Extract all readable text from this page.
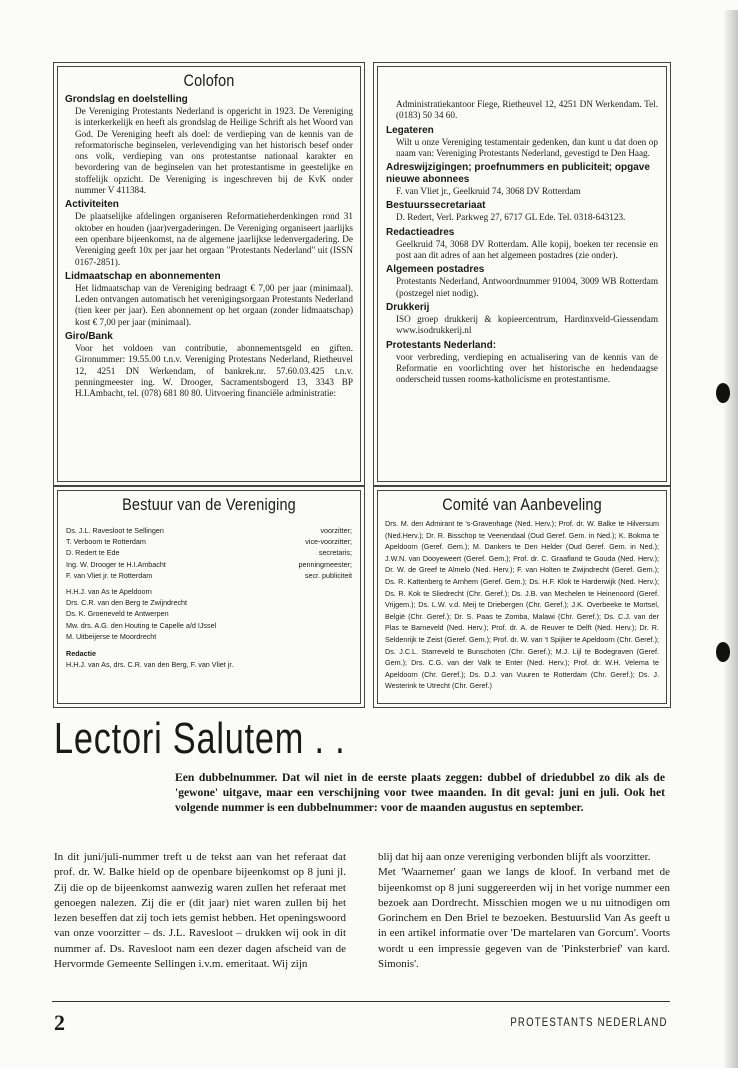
Colofon
Grondslag en doelstelling

De Vereniging Protestants Nederland is opgericht in 1923. De Vereniging is interkerkelijk en heeft als grondslag de Heilige Schrift als het Woord van God. De Vereniging heeft als doel: de verdieping van de kennis van de reformatorische beginselen, verlevendiging van het historisch besef onder ons volk, verdieping van ons protestantse nationaal karakter en bevordering van de beginselen van het protestantisme in geestelijke en stoffelijk opzicht. De Vereniging is ingeschreven bij de KvK onder nummer V 411384.

Activiteiten

De plaatselijke afdelingen organiseren Reformatieherdenkingen rond 31 oktober en houden (jaar)vergaderingen. De Vereniging organiseert jaarlijks een openbare bijeenkomst, na de algemene jaarlijkse ledenvergadering. De Vereniging geeft 10x per jaar het orgaan "Protestants Nederland" uit (ISSN 0167-2851).

Lidmaatschap en abonnementen

Het lidmaatschap van de Vereniging bedraagt € 7,00 per jaar (minimaal). Leden ontvangen automatisch het verenigingsorgaan Protestants Nederland (tien keer per jaar). Een abonnement op het orgaan (zonder lidmaatschap) kost € 7,00 per jaar (minimaal).

Giro/Bank

Voor het voldoen van contributie, abonnementsgeld en giften. Gironummer: 19.55.00 t.n.v. Vereniging Protestans Nederland, Rietheuvel 12, 4251 DN Werkendam, of bankrek.nr. 57.60.03.425 t.n.v. penningmeester ing. W. Drooger, Sacramentsbogerd 13, 3343 BP H.I.Ambacht, tel. (078) 681 80 80. Uitvoering financiële administratie:

Administratiekantoor Fiege, Rietheuvel 12, 4251 DN Werkendam. Tel. (0183) 50 34 60.

Legateren

Wilt u onze Vereniging testamentair gedenken, dan kunt u dat doen op naam van: Vereniging Protestants Nederland, gevestigd te Den Haag.

Adreswijzigingen; proefnummers en publiciteit; opgave nieuwe abonnees

F. van Vliet jr., Geelkruid 74, 3068 DV Rotterdam

Bestuurssecretariaat

D. Redert, Verl. Parkweg 27, 6717 GL Ede. Tel. 0318-643123.

Redactieadres

Geelkruid 74, 3068 DV Rotterdam. Alle kopij, boeken ter recensie en post aan dit adres of aan het algemeen postadres (zie onder).

Algemeen postadres

Protestants Nederland, Antwoordnummer 91004, 3009 WB Rotterdam (postzegel niet nodig).

Drukkerij

ISO groep drukkerij & kopieercentrum, Hardinxveld-Giessendam www.isodrukkerij.nl

Protestants Nederland:

voor verbreding, verdieping en actualisering van de kennis van de Reformatie en voorlichting over het historische en hedendaagse onderscheid tussen rooms-katholicisme en protestantisme.

Bestuur van de Vereniging
Ds. J.L. Ravesloot te Sellingen	voorzitter;
T. Verboom te Rotterdam	vice-voorzitter;
D. Redert te Ede	secretaris;
Ing. W. Drooger te H.I.Ambacht	penningmeester;
F. van Vliet jr. te Rotterdam	secr. publiciteit
H.H.J. van As te Apeldoorn
Drs. C.R. van den Berg te Zwijndrecht
Ds. K. Groeneveld te Antwerpen
Mw. drs. A.G. den Houting te Capelle a/d IJssel
M. Uitbeijerse te Moordrecht
Redactie
H.H.J. van As, drs. C.R. van den Berg, F. van Vliet jr.
Comité van Aanbeveling
Drs. M. den Admirant te 's-Gravenhage (Ned. Herv.); Prof. dr. W. Balke te Hilversum (Ned.Herv.); Dr. R. Bisschop te Veenendaal (Oud Geref. Gem. in Ned.); K. Bokma te Apeldoorn (Geref. Gem.); M. Dankers te Den Helder (Oud Geref. Gem. in Ned.); J.W.N. van Dooyeweert (Geref. Gem.); Prof. dr. C. Graafland te Gouda (Ned. Herv.); Dr. W. de Greef te Almelo (Ned. Herv.); F. van Holten te Zwijndrecht (Geref. Gem.); Ds. R. Kattenberg te Arnhem (Geref. Gem.); Ds. H.F. Klok te Harderwijk (Ned. Herv.); Ds. R. Kok te Sliedrecht (Chr. Geref.); Ds. J.B. van Mechelen te Heinenoord (Geref. Vrijgem.); Ds. L.W. v.d. Meij te Driebergen (Chr. Geref.); J.K. Overbeeke te Mortsel, België (Chr. Geref.); Dr. S. Paas te Zomba, Malawi (Chr. Geref.); Ds. C.J. van der Plas te Barneveld (Ned. Herv.); Prof. dr. A. de Reuver te Delft (Ned. Herv.); Dr. R. Seldenrijk te Zeist (Geref. Gem.); Prof. dr. W. van 't Spijker te Apeldoorn (Chr. Geref.); Ds. J.C.L. Starreveld te Bunschoten (Chr. Geref.); M.J. Lijl te Bodegraven (Geref. Gem.); Drs. C.G. van der Valk te Enter (Ned. Herv.); Prof. dr. W.H. Velema te Apeldoorn (Chr. Geref.); Ds. D.J. van Vuuren te Rotterdam (Chr. Geref.); Ds. J. Westerink te Utrecht (Chr. Geref.)
Lectori Salutem . .
Een dubbelnummer. Dat wil niet in de eerste plaats zeggen: dubbel of driedubbel zo dik als de 'gewone' uitgave, maar een verschijning voor twee maanden. In dit geval: juni en juli. Ook het volgende nummer is een dubbelnummer: voor de maanden augustus en september.
In dit juni/juli-nummer treft u de tekst aan van het referaat dat prof. dr. W. Balke hield op de openbare bijeenkomst op 8 juni jl. Zij die op de bijeenkomst aanwezig waren zullen het referaat met genoegen nalezen. Zij die er (dit jaar) niet waren zullen bij het lezen beseffen dat zij toch iets gemist hebben. Het openingswoord van onze voorzitter – ds. J.L. Ravesloot – drukken wij ook in dit nummer af. Ds. Ravesloot nam een dezer dagen afscheid van de Hervormde Gemeente Sellingen i.v.m. emeritaat. Wij zijn
blij dat hij aan onze vereniging verbonden blijft als voorzitter.
Met 'Waarnemer' gaan we langs de kloof. In verband met de bijeenkomst op 8 juni suggereerden wij in het vorige nummer een bezoek aan Dordrecht. Misschien mogen we u nu uitnodigen om Gorinchem en Den Briel te bezoeken. Bestuurslid Van As geeft u in een artikel informatie over 'De martelaren van Gorcum'. Voorts wordt u een impressie gegeven van de 'Pinksterbrief' van kard. Simonis'.
2	PROTESTANTS NEDERLAND
